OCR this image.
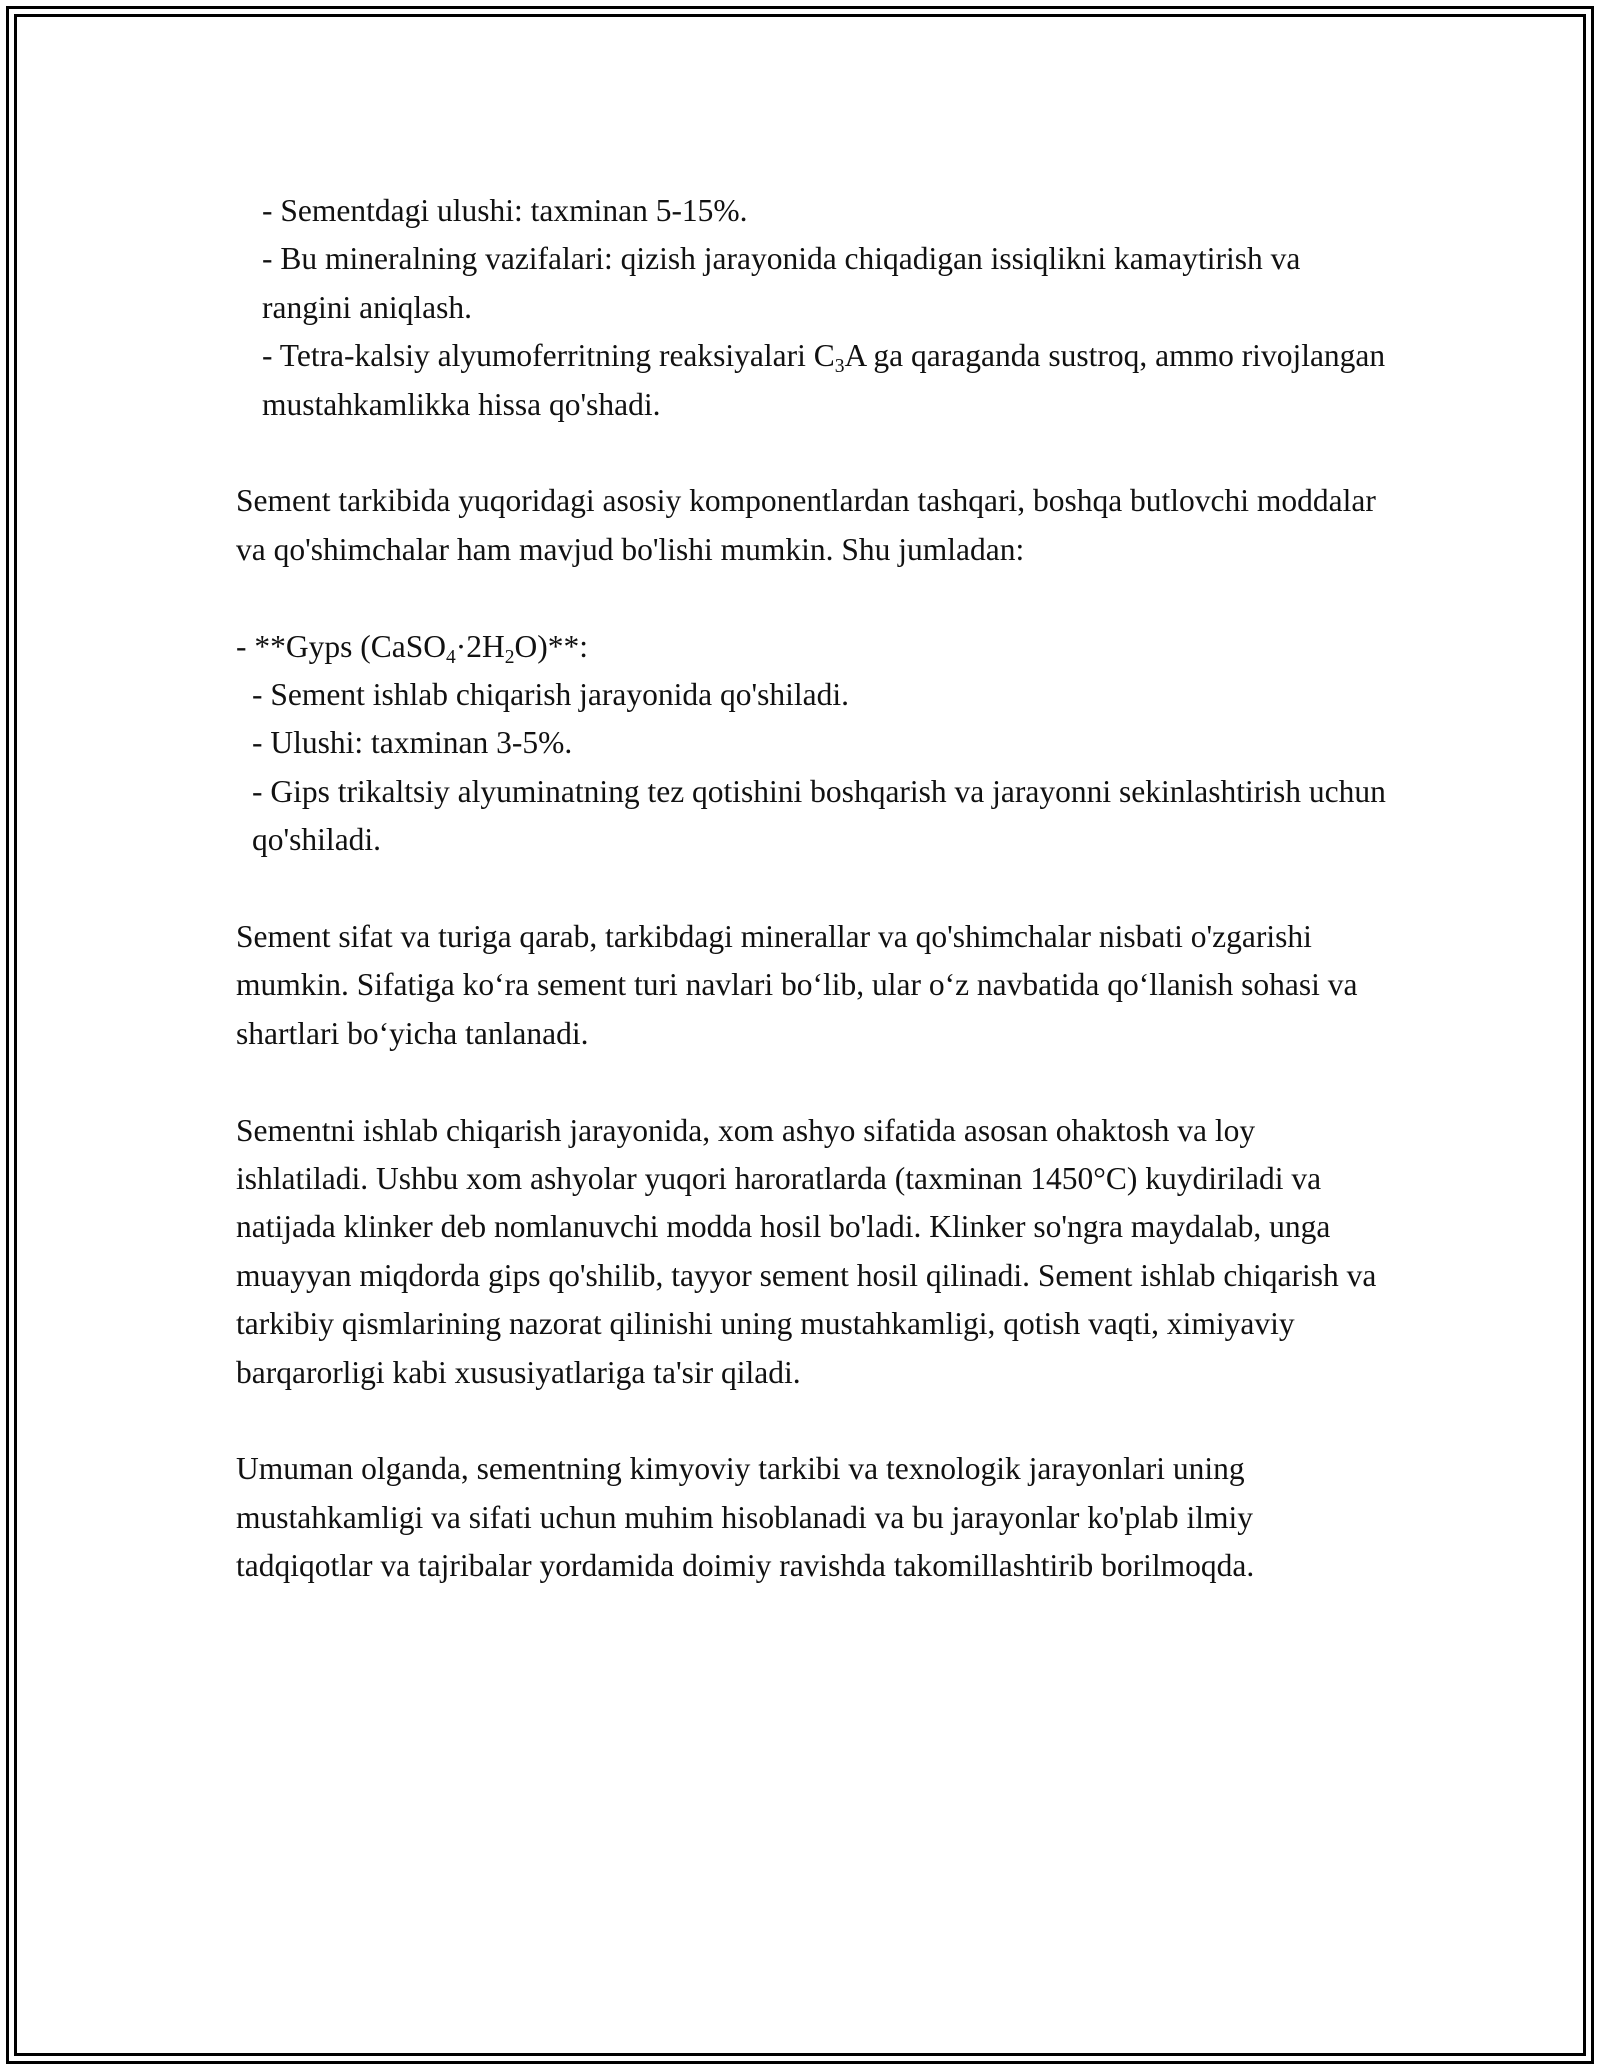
- Sementdagi ulushi: taxminan 5-15%.

- Bu mineralning vazifalari: qizish jarayonida chiqadigan issiqlikni kamaytirish va rangini aniqlash.

- Tetra-kalsiy alyumoferritning reaksiyalari $C_3A$ ga qaraganda sustroq, ammo rivojlangan mustahkamlikka hissa qo'shadi.

Sement tarkibida yuqoridagi asosiy komponentlardan tashqari, boshqa butlovchi moddalar va qo'shimchalar ham mavjud bo'lishi mumkin. Shu jumladan:

- **Gyps $(CaSO_4\cdot 2H_2O)**$:

- Sement ishlab chiqarish jarayonida qo'shiladi.

- Ulushi: taxminan 3-5%.

- Gips trikaltsiy alyuminatning tez qotishini boshqarish va jarayonni sekinlashtirish uchun qo'shiladi.

Sement sifat va turiga qarab, tarkibdagi minerallar va qo'shimchalar nisbati o'zgarishi mumkin. Sifatiga ko‘ra sement turi navlari bo‘lib, ular o‘z navbatida qo‘llanish sohasi va shartlari bo‘yicha tanlanadi.

Sementni ishlab chiqarish jarayonida, xom ashyo sifatida asosan ohaktosh va loy ishlatiladi. Ushbu xom ashyolar yuqori haroratlarda (taxminan 1450°C) kuydiriladi va natijada klinker deb nomlanuvchi modda hosil bo'ladi. Klinker so'ngra maydalab, unga muayyan miqdorda gips qo'shilib, tayyor sement hosil qilinadi. Sement ishlab chiqarish va tarkibiy qismlarining nazorat qilinishi uning mustahkamligi, qotish vaqti, ximiyaviy barqarorligi kabi xususiyatlariga ta'sir qiladi.

Umuman olganda, sementning kimyoviy tarkibi va texnologik jarayonlari uning mustahkamligi va sifati uchun muhim hisoblanadi va bu jarayonlar ko'plab ilmiy tadqiqotlar va tajribalar yordamida doimiy ravishda takomillashtirib borilmoqda.
